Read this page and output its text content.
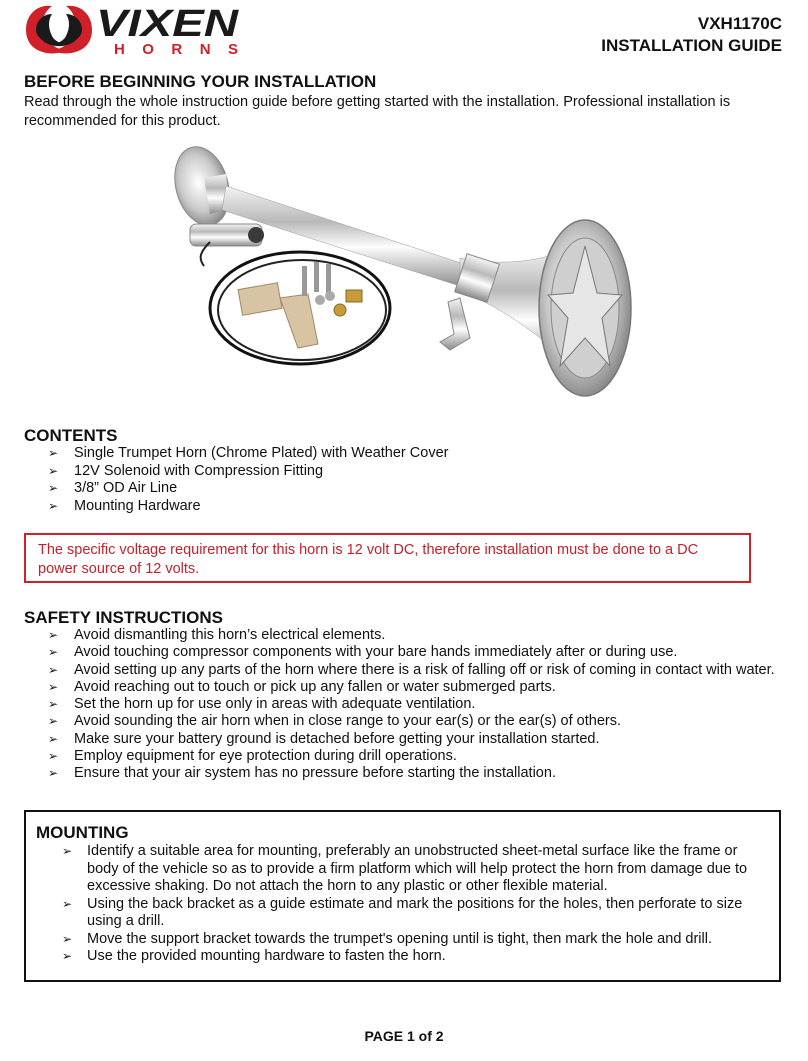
VIXEN
HORNS
VXH1170C
INSTALLATION GUIDE
BEFORE BEGINNING YOUR INSTALLATION
Read through the whole instruction guide before getting started with the installation. Professional installation is recommended for this product.
CONTENTS
➢ Single Trumpet Horn (Chrome Plated) with Weather Cover
➢ 12V Solenoid with Compression Fitting
➢ 3/8” OD Air Line
➢ Mounting Hardware
The specific voltage requirement for this horn is 12 volt DC, therefore installation must be done to a DC power source of 12 volts.
SAFETY INSTRUCTIONS
➢ Avoid dismantling this horn’s electrical elements.
➢ Avoid touching compressor components with your bare hands immediately after or during use.
➢ Avoid setting up any parts of the horn where there is a risk of falling off or risk of coming in contact with water.
➢ Avoid reaching out to touch or pick up any fallen or water submerged parts.
➢ Set the horn up for use only in areas with adequate ventilation.
➢ Avoid sounding the air horn when in close range to your ear(s) or the ear(s) of others.
➢ Make sure your battery ground is detached before getting your installation started.
➢ Employ equipment for eye protection during drill operations.
➢ Ensure that your air system has no pressure before starting the installation.
MOUNTING
➢ Identify a suitable area for mounting, preferably an unobstructed sheet-metal surface like the frame or body of the vehicle so as to provide a firm platform which will help protect the horn from damage due to excessive shaking. Do not attach the horn to any plastic or other flexible material.
➢ Using the back bracket as a guide estimate and mark the positions for the holes, then perforate to size using a drill.
➢ Move the support bracket towards the trumpet's opening until is tight, then mark the hole and drill.
➢ Use the provided mounting hardware to fasten the horn.
PAGE 1 of 2
